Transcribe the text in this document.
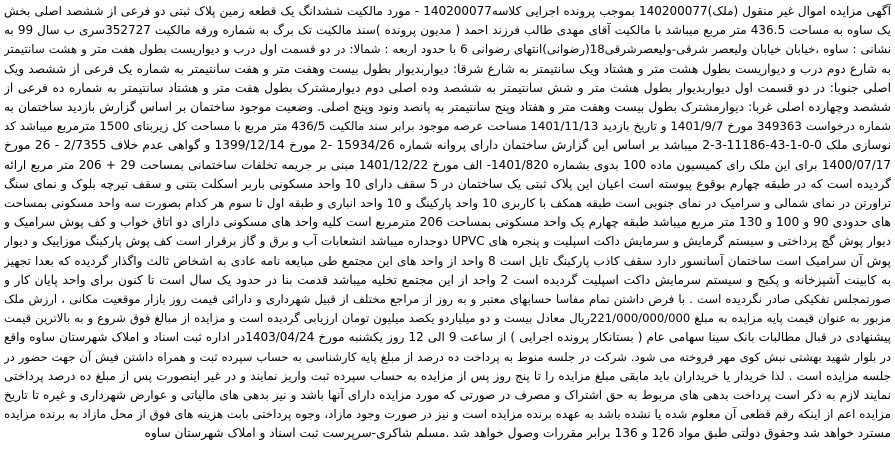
آگهی مزایده اموال غیر منقول (ملک)140200077 بموجب پرونده اجرایی کلاسه140200077 - مورد مالکیت ششدانگ یک قطعه زمین پلاک ثبتی دو فرعی از ششصد اصلی بخش
یک ساوه به مساحت 436.5 متر مربع میباشد با مالکیت آقای مهدی طالب فرزند احمد ( مدیون پرونده )سند مالکیت تک برگ به شماره ورقه مالکیت 352727سری ب سال 99 به
نشانی : ساوه ،خیابان خیابان ولیعصر شرقی-ولیعصرشرقی18(رضوانی)انتهای رضوانی 6 با حدود اربعه : شمالا: در دو قسمت اول درب و دیواریست بطول هفت متر و هشت سانتیمتر
به شارع دوم درب و دیواریست بطول هشت متر و هشتاد ویک سانتیمتر به شارع شرقا: دیواربدیوار بطول بیست وهفت متر و هفت سانتیمتر به شماره یک فرعی از ششصد ویک
اصلی جنوبا: در دو قسمت اول دیواربدیوار بطول هشت متر و شش سانتیمتر به ششصد وده اصلی دوم دیوارمشترک بطول هفت متر و هشتاد سانتیمتر به شماره ده فرعی از
ششصد وچهارده اصلی غربا: دیوارمشترک بطول بیست وهفت متر و هفتاد وپنج سانتیمتر به پانصد ونود وپنج اصلی. وضعیت موجود ساختمان بر اساس گزارش بازدید ساختمان به
شماره درخواست 349363 مورخ 1401/9/7 و تاریخ بازدید 1401/11/13 مساحت عرصه موجود برابر سند مالکیت 436/5 متر مربع با مساحت کل زیربنای 1500 مترمربع میباشد کد
نوسازی ملک 0-0-1-43-11186-3-2 میباشد بر اساس این گزارش ساختمان دارای پروانه شماره 15934/26 -2 مورخ 1399/12/14 و گواهی عدم خلاف 2/7355 - 26 مورخ
1400/07/17 برای این ملک رای کمیسیون ماده 100 بدوی بشماره 1401/820- الف مورخ 1401/12/22 مبنی بر جریمه تخلفات ساختمانی بمساحت 29 + 206 متر مربع ارائه
گردیده است که در طبقه چهارم بوقوع پیوسته است اعیان این پلاک ثبتی یک ساختمان در 5 سقف دارای 10 واحد مسکونی باربر اسکلت بتنی و سقف تیرچه بلوک و نمای سنگ
تراورتن در نمای شمالی و سرامیک در نمای جنوبی است طبقه همکف با کاربری 10 واحد پارکینگ و 10 واحد انباری و طبقه اول تا سوم هر کدام بصورت سه واحد مسکونی بمساحت
های حدودی 90 و 100 و 130 متر مربع میباشد طبقه چهارم یک واحد مسکونی بمساحت 206 مترمربع است کلیه واحد های مسکونی دارای دو اتاق خواب و کف پوش سرامیک و
دیوار پوش گچ پرداختی و سیستم گرمایش و سرمایش داکت اسپلیت و پنجره های UPVC دوجداره میباشد انشعابات آب و برق و گاز برقرار است کف پوش پارکینگ موزاییک و دیوار
پوش آن سرامیک است ساختمان آسانسور دارد سقف کاذب پارکینگ تایل است 8 واحد از واحد های این مجتمع طی مبایعه نامه عادی به اشخاص ثالث واگذار گردیده که بعدا تجهیز
به کابینت آشپزخانه و پکیج و سیستم سرمایش داکت اسپلیت گردیده است 2 واحد از این مجتمع تخلیه میباشد قدمت بنا در حدود یک سال است تا کنون برای واحد پایان کار و
صورتمجلس تفکیکی صادر نگردیده است . با فرض داشتن تمام مفاسا حسابهای معتبر و به روز از مراجع مختلف از قبیل شهرداری و دارائی قیمت روز بازار موقعیت مکانی ، ارزش ملک
مزبور به عنوان قیمت پایه مزایده به مبلغ 221/000/000/000ریال معادل بیست و دو میلیاردو یکصد میلیون تومان ارزیابی گردیده است و مزایده از مبالغ فوق شروع و به بالاترین قیمت
پیشنهادی در قبال مطالبات بانک سینا سهامی عام ( بستانکار پرونده اجرایی ) از ساعت 9 الی 12 روز یکشنبه مورخ 1403/04/24در اداره ثبت اسناد و املاک شهرستان ساوه واقع
در بلوار شهید بهشتی نبش کوی مهر فروخته می شود. شرکت در جلسه منوط به پرداخت ده درصد از مبلغ پایه کارشناسی به حساب سپرده ثبت و همراه داشتن فیش آن جهت حضور در
جلسه مزایده است . لذا خریدار یا خریداران باید مابقی مبلغ مزایده را تا پنج روز پس از مزایده به حساب سپرده ثبت واریز نمایند و در غیر اینصورت پس از مبلغ ده درصد پرداختی
نمایند لازم به ذکر است پرداخت بدهی های مربوط به حق اشتراک و مصرف در صورتی که مورد مزایده دارای آنها باشد و نیز بدهی های مالیاتی و عوارض شهرداری و غیره تا تاریخ
مزایده اعم از اینکه رقم قطعی آن معلوم شده یا نشده باشد به عهده برنده مزایده است و نیز در صورت وجود مازاد، وجوه پرداختی بابت هزینه های فوق از محل مازاد به برنده مزایده
مسترد خواهد شد وحقوق دولتی طبق مواد 126 و 136 برابر مقررات وصول خواهد شد .مسلم شاکری-سرپرست ثبت اسناد و املاک شهرستان ساوه
